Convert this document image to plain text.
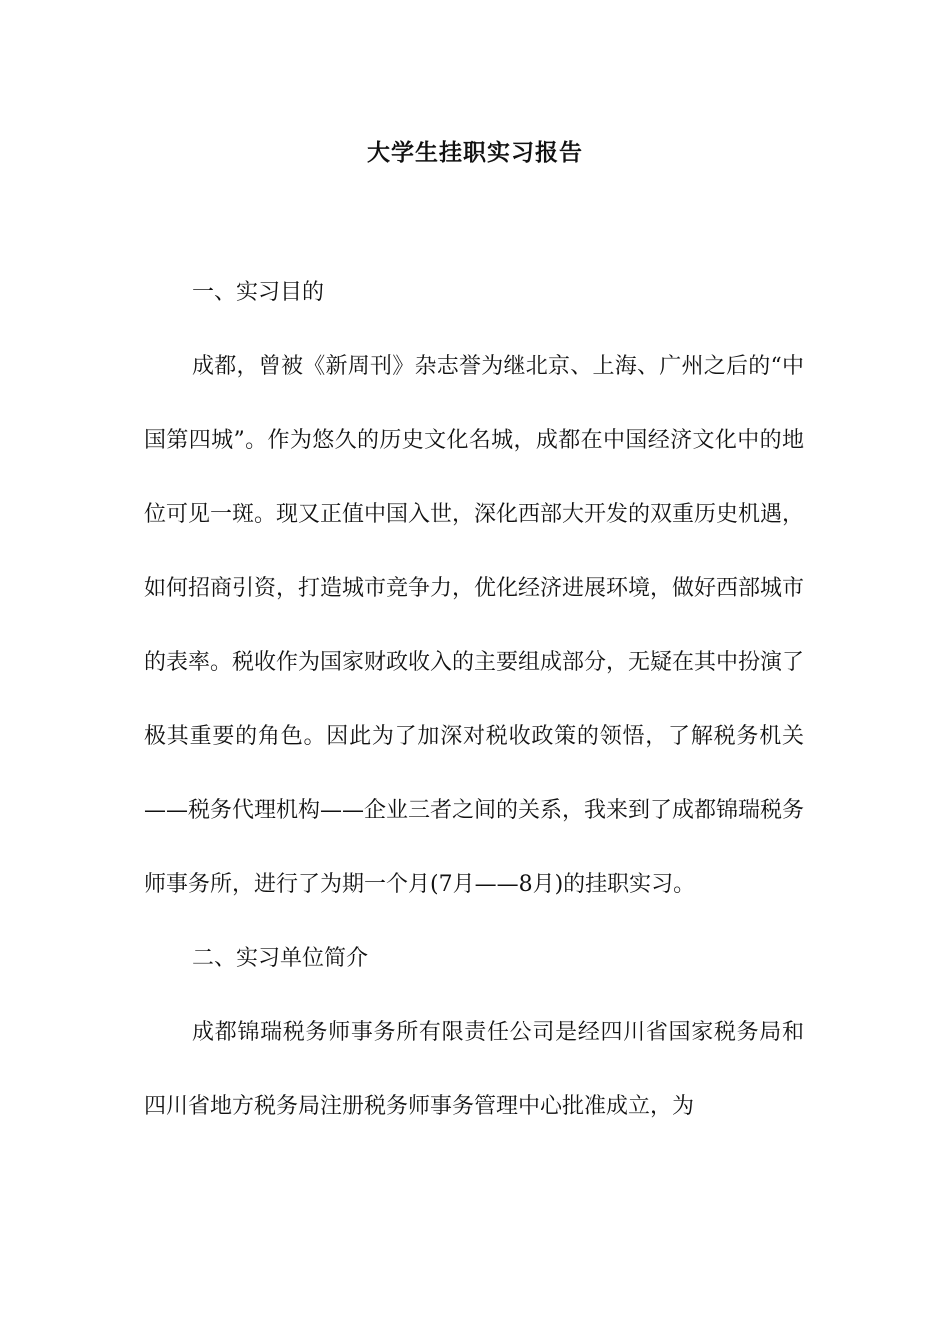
大学生挂职实习报告

一、实习目的

成都，曾被《新周刊》杂志誉为继北京、上海、广州之后的“中国第四城”。作为悠久的历史文化名城，成都在中国经济文化中的地位可见一斑。现又正值中国入世，深化西部大开发的双重历史机遇，如何招商引资，打造城市竞争力，优化经济进展环境，做好西部城市的表率。税收作为国家财政收入的主要组成部分，无疑在其中扮演了极其重要的角色。因此为了加深对税收政策的领悟，了解税务机关——税务代理机构——企业三者之间的关系，我来到了成都锦瑞税务师事务所，进行了为期一个月(7月——8月)的挂职实习。

二、实习单位简介

成都锦瑞税务师事务所有限责任公司是经四川省国家税务局和四川省地方税务局注册税务师事务管理中心批准成立，为
